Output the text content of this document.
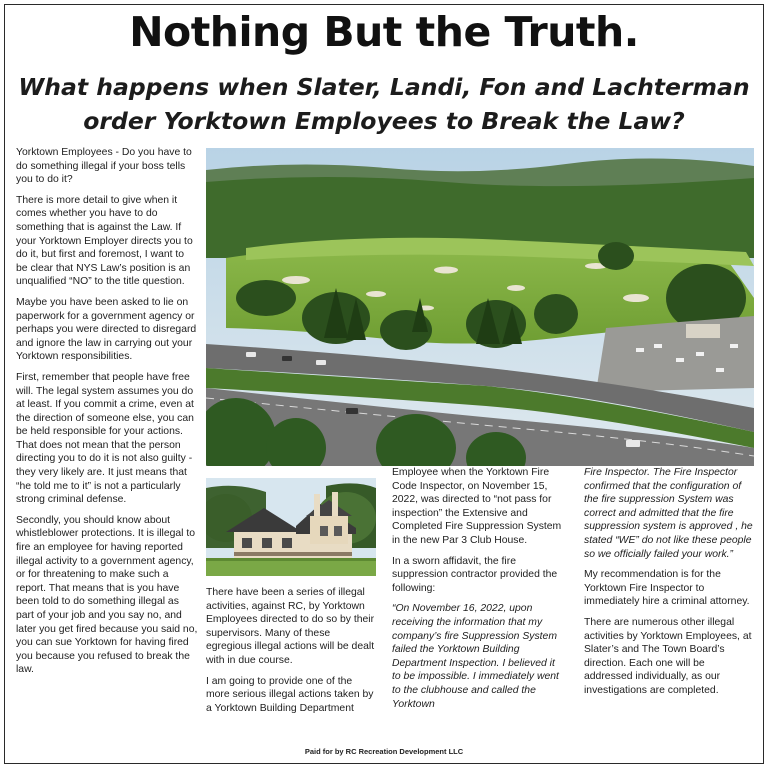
Nothing But the Truth.
What happens when Slater, Landi, Fon and Lachterman
order Yorktown Employees to Break the Law?

Yorktown Employees - Do you have to do something illegal if your boss tells you to do it?

There is more detail to give when it comes whether you have to do something that is against the Law. If your Yorktown Employer directs you to do it, but first and foremost, I want to be clear that NYS Law’s position is an unqualified “NO” to the title question.

Maybe you have been asked to lie on paperwork for a government agency or perhaps you were directed to disregard and ignore the law in carrying out your Yorktown responsibilities.

First, remember that people have free will. The legal system assumes you do at least. If you commit a crime, even at the direction of someone else, you can be held responsible for your actions. That does not mean that the person directing you to do it is not also guilty - they very likely are. It just means that “he told me to it” is not a particularly strong criminal defense.

Secondly, you should know about whistleblower protections. It is illegal to fire an employee for having reported illegal activity to a government agency, or for threatening to make such a report. That means that is you have been told to do something illegal as part of your job and you say no, and later you get fired because you said no, you can sue Yorktown for having fired you because you refused to break the law.

There have been a series of illegal activities, against RC, by Yorktown Employees directed to do so by their supervisors. Many of these egregious illegal actions will be dealt with in due course.

I am going to provide one of the more serious illegal actions taken by a Yorktown Building Department

Employee when the Yorktown Fire Code Inspector, on November 15, 2022, was directed to “not pass for inspection” the Extensive and Completed Fire Suppression System in the new Par 3 Club House.

In a sworn affidavit, the fire suppression contractor provided the following:

“On November 16, 2022, upon receiving the information that my company’s fire Suppression System failed the Yorktown Building Department Inspection. I believed it to be impossible. I immediately went to the clubhouse and called the Yorktown

Fire Inspector. The Fire Inspector confirmed that the configuration of the fire suppression System was correct and admitted that the fire suppression system is approved , he stated “WE” do not like these people so we officially failed your work.”

My recommendation is for the Yorktown Fire Inspector to immediately hire a criminal attorney.

There are numerous other illegal activities by Yorktown Employees, at Slater’s and The Town Board’s direction. Each one will be addressed individually, as our investigations are completed.

Paid for by RC Recreation Development LLC
